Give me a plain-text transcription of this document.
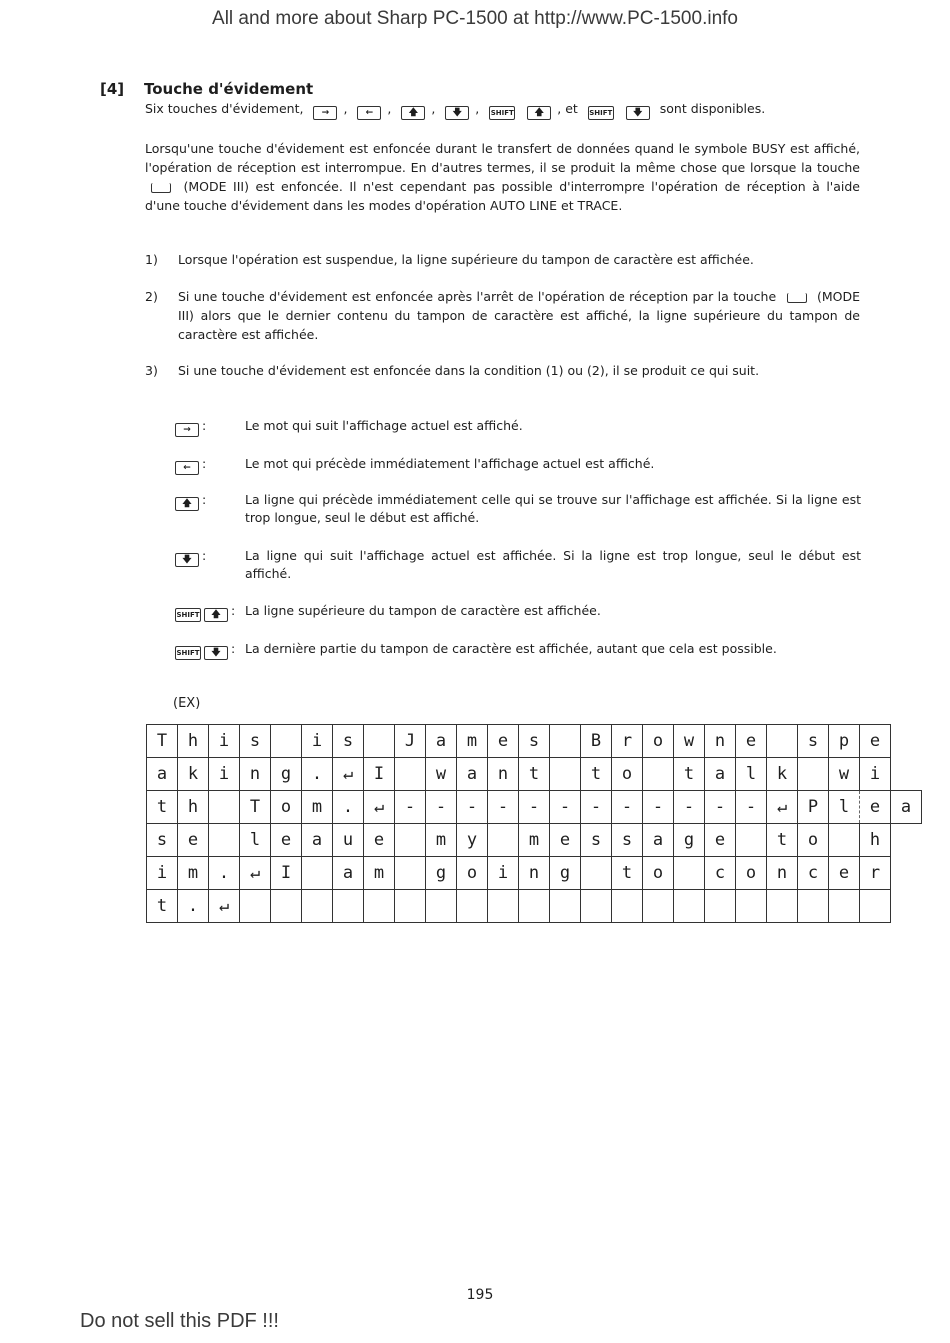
All and more about Sharp PC-1500 at http://www.PC-1500.info
[4] Touche d'évidement
Six touches d'évidement, → , ← , 🡅 , 🡇 , SHIFT 🡅 , et SHIFT 🡇 sont disponibles.
Lorsqu'une touche d'évidement est enfoncée durant le transfert de données quand le symbole BUSY est affiché, l'opération de réception est interrompue. En d'autres termes, il se produit la même chose que lorsque la touche  (MODE III) est enfoncée. Il n'est cependant pas possible d'interrompre l'opération de réception à l'aide d'une touche d'évidement dans les modes d'opération AUTO LINE et TRACE.
1) Lorsque l'opération est suspendue, la ligne supérieure du tampon de caractère est affichée.
2) Si une touche d'évidement est enfoncée après l'arrêt de l'opération de réception par la touche	(MODE III) alors que le dernier contenu du tampon de caractère est affiché, la ligne supérieure du tampon de caractère est affichée.
3) Si une touche d'évidement est enfoncée dans la condition (1) ou (2), il se produit ce qui suit.
→ :	Le mot qui suit l'affichage actuel est affiché.
← :	Le mot qui précède immédiatement l'affichage actuel est affiché.
🡅 :	La ligne qui précède immédiatement celle qui se trouve sur l'affichage est affichée. Si la ligne est trop longue, seul le début est affiché.
🡇 :	La ligne qui suit l'affichage actuel est affichée. Si la ligne est trop longue, seul le début est affiché.
SHIFT 🡅 : La ligne supérieure du tampon de caractère est affichée.
SHIFT 🡇 : La dernière partie du tampon de caractère est affichée, autant que cela est possible.
(EX)
T	h	i	s		i	s		J	a	m	e	s		B	r	o	w	n	e		s	p	e	
a	k	i	n	g	.	↵	I		w	a	n	t		t	o		t	a	l	k		w	i	
t	h		T	o	m	.	↵	-	-	-	-	-	-	-	-	-	-	-	-	↵	P	l	e	a
s	e		l	e	a	u	e		m	y		m	e	s	s	a	g	e		t	o		h	
i	m	.	↵	I		a	m		g	o	i	n	g		t	o		c	o	n	c	e	r	
t	.	↵																						
195
Do not sell this PDF !!!
